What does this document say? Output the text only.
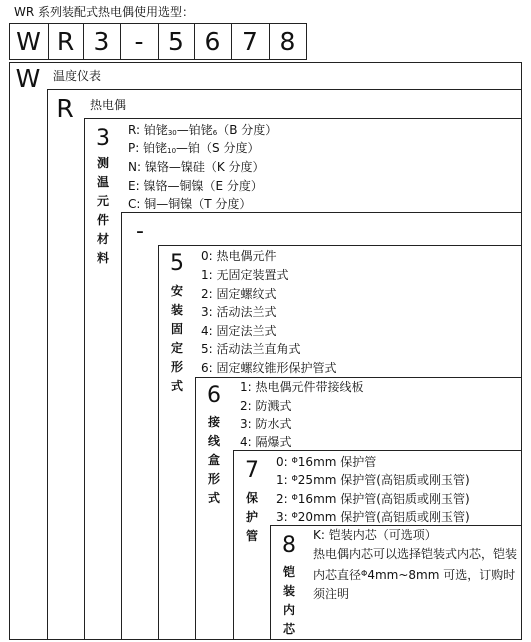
WR 系列装配式热电偶使用选型：
W R 3	- 5 6 7 8
W 温度仪表
R	热电偶
3
测温元件材料
R: 铂铑30—铂铑6（B 分度）
P: 铂铑10—铂（S 分度）
N: 镍铬—镍硅（K 分度）
E: 镍铬—铜镍（E 分度）
C: 铜—铜镍（T 分度）
-
5
安装固定形式
0: 热电偶元件
1: 无固定装置式
2: 固定螺纹式
3: 活动法兰式
4: 固定法兰式
5: 活动法兰直角式
6: 固定螺纹锥形保护管式
6
接线盒形式
1: 热电偶元件带接线板
2: 防溅式
3: 防水式
4: 隔爆式
7
保护管
0: $^\Phi$16mm 保护管
1: $^\Phi$25mm 保护管(高铝质或刚玉管)
2: $^\Phi$16mm 保护管(高铝质或刚玉管)
3: $^\Phi$20mm 保护管(高铝质或刚玉管)
8
铠装内芯
K: 铠装内芯（可选项）
热电偶内芯可以选择铠装式内芯，铠装内芯直径$^\Phi$4mm~8mm 可选，订购时须注明
